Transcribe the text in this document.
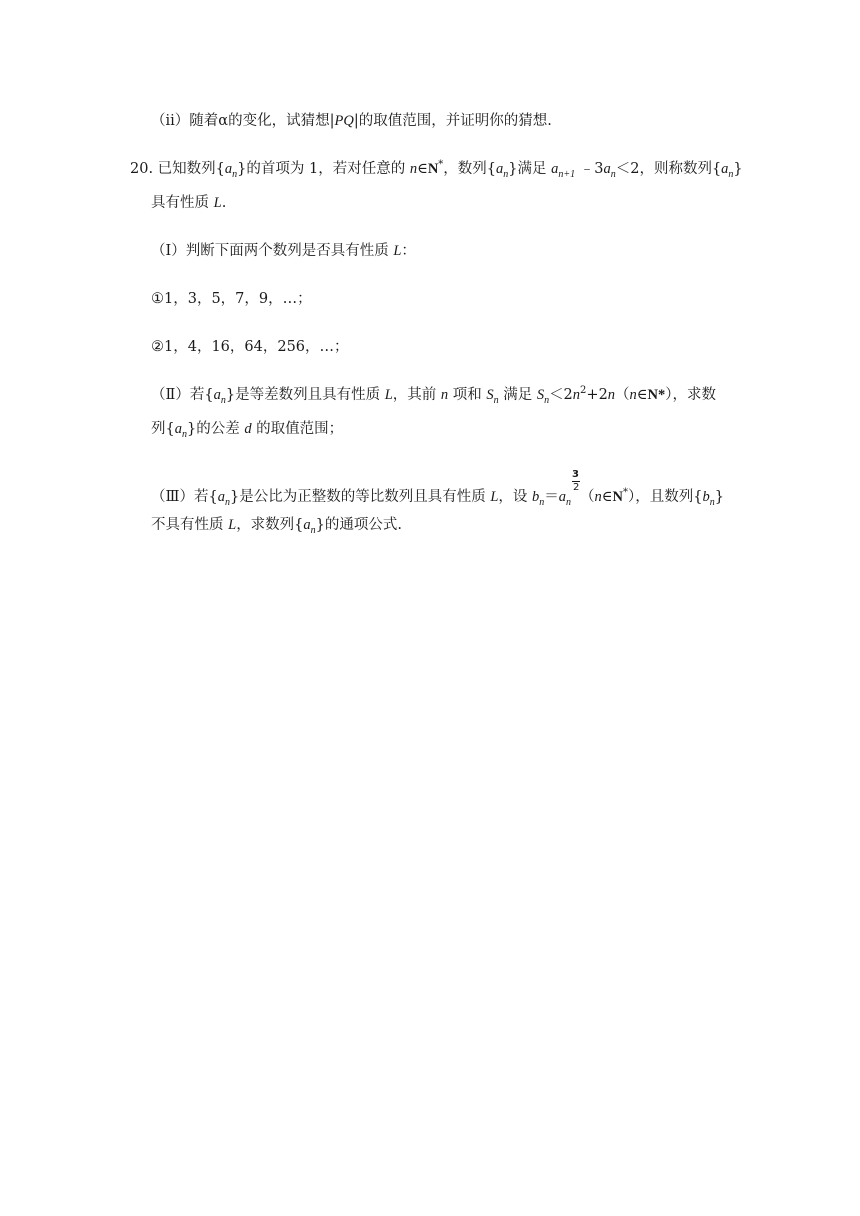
（ⅱ）随着α的变化，试猜想|PQ|的取值范围，并证明你的猜想.
20. 已知数列$\{a_n\}$的首项为 1，若对任意的 n∈N*，数列$\{a_n\}$满足 $a_{n+1}$ $﹣3a_n<2$，则称数列$\{a_n\}$
具有性质 L.
（Ⅰ）判断下面两个数列是否具有性质 L：
①1，3，5，7，9，…；
②1，4，16，64，256，…；
（Ⅱ）若$\{a_n\}$是等差数列且具有性质 L，其前 n 项和 $S_n$ 满足 $S_n<2n^2+2n(n\in N*)$，求数
列$\{a_n\}$的公差 d 的取值范围；
（Ⅲ）若$\{a_n\}$是公比为正整数的等比数列且具有性质 L，设 $b_n=a_n$
3
2
（n∈N*），且数列$\{b_n\}$
不具有性质 L，求数列$\{a_n\}$的通项公式.
